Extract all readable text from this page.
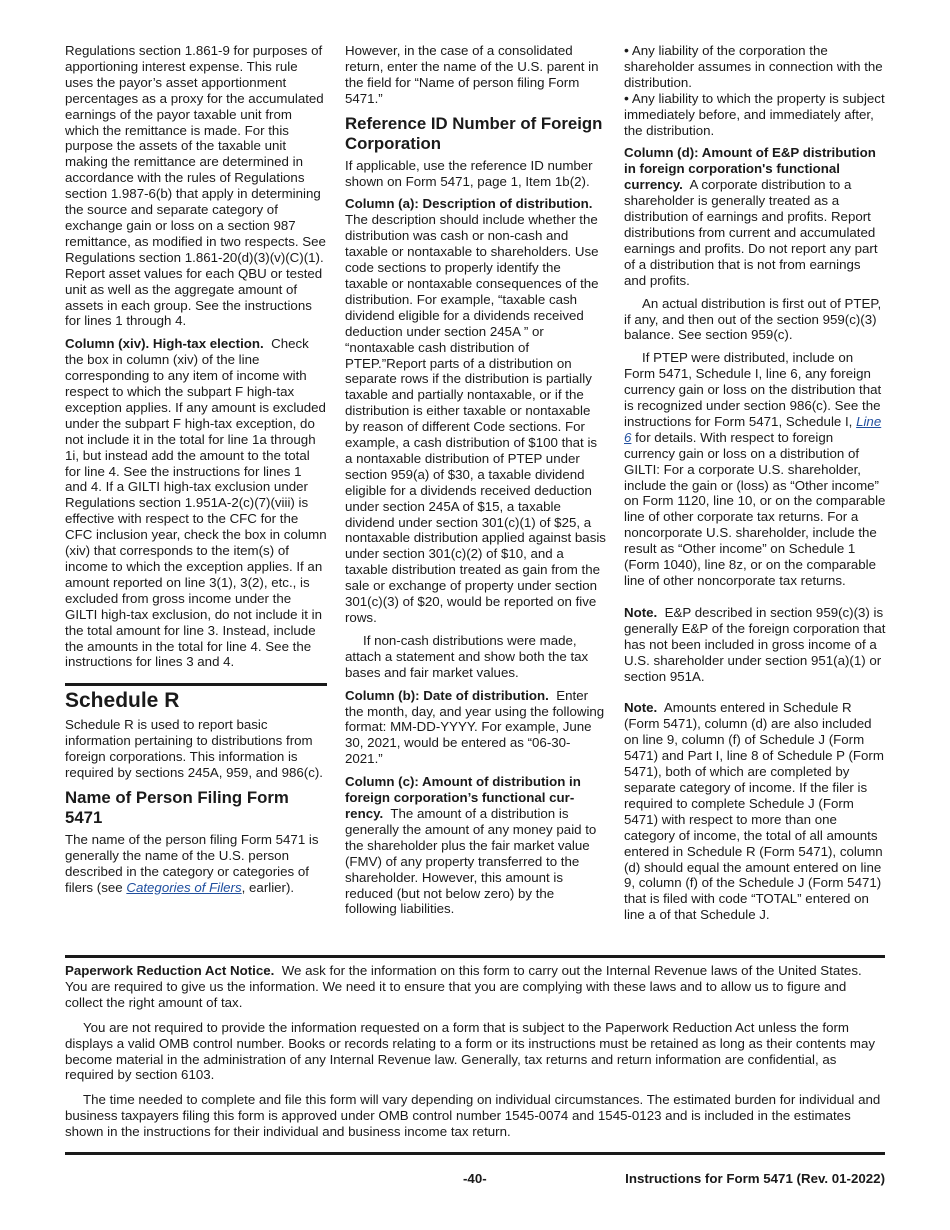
Regulations section 1.861-9 for purposes of apportioning interest expense. This rule uses the payor’s asset apportionment percentages as a proxy for the accumulated earnings of the payor taxable unit from which the remittance is made. For this purpose the assets of the taxable unit making the remittance are determined in accordance with the rules of Regulations section 1.987-6(b) that apply in determining the source and separate category of exchange gain or loss on a section 987 remittance, as modified in two respects. See Regulations section 1.861-20(d)(3)(v)(C)(1). Report asset values for each QBU or tested unit as well as the aggregate amount of assets in each group. See the instructions for lines 1 through 4.

Column (xiv). High-tax election. Check the box in column (xiv) of the line corresponding to any item of income with respect to which the subpart F high-tax exception applies. If any amount is excluded under the subpart F high-tax exception, do not include it in the total for line 1a through 1i, but instead add the amount to the total for line 4. See the instructions for lines 1 and 4. If a GILTI high-tax exclusion under Regulations section 1.951A-2(c)(7)(viii) is effective with respect to the CFC for the CFC inclusion year, check the box in column (xiv) that corresponds to the item(s) of income to which the exception applies. If an amount reported on line 3(1), 3(2), etc., is excluded from gross income under the GILTI high-tax exclusion, do not include it in the total amount for line 3. Instead, include the amounts in the total for line 4. See the instructions for lines 3 and 4.

Schedule R

Schedule R is used to report basic information pertaining to distributions from foreign corporations. This information is required by sections 245A, 959, and 986(c).

Name of Person Filing Form 5471

The name of the person filing Form 5471 is generally the name of the U.S. person described in the category or categories of filers (see Categories of Filers, earlier).

However, in the case of a consolidated return, enter the name of the U.S. parent in the field for “Name of person filing Form 5471.”

Reference ID Number of Foreign Corporation

If applicable, use the reference ID number shown on Form 5471, page 1, Item 1b(2).

Column (a): Description of distribution.  The description should include whether the distribution was cash or non-cash and taxable or nontaxable to shareholders. Use code sections to properly identify the taxable or nontaxable consequences of the distribution. For example, “taxable cash dividend eligible for a dividends received deduction under section 245A ” or “nontaxable cash distribution of PTEP.”Report parts of a distribution on separate rows if the distribution is partially taxable and partially nontaxable, or if the distribution is either taxable or nontaxable by reason of different Code sections. For example, a cash distribution of $100 that is a nontaxable distribution of PTEP under section 959(a) of $30, a taxable dividend eligible for a dividends received deduction under section 245A of $15, a taxable dividend under section 301(c)(1) of $25, a nontaxable distribution applied against basis under section 301(c)(2) of $10, and a taxable distribution treated as gain from the sale or exchange of property under section 301(c)(3) of $20, would be reported on five rows.

If non-cash distributions were made, attach a statement and show both the tax bases and fair market values.

Column (b): Date of distribution. Enter the month, day, and year using the following format: MM-DD-YYYY. For example, June 30, 2021, would be entered as “06-30-2021.”

Column (c): Amount of distribution in foreign corporation’s functional currency. The amount of a distribution is generally the amount of any money paid to the shareholder plus the fair market value (FMV) of any property transferred to the shareholder. However, this amount is reduced (but not below zero) by the following liabilities.

• Any liability of the corporation the shareholder assumes in connection with the distribution.
• Any liability to which the property is subject immediately before, and immediately after, the distribution.

Column (d): Amount of E&P distribution in foreign corporation's functional currency. A corporate distribution to a shareholder is generally treated as a distribution of earnings and profits. Report distributions from current and accumulated earnings and profits. Do not report any part of a distribution that is not from earnings and profits.

An actual distribution is first out of PTEP, if any, and then out of the section 959(c)(3) balance. See section 959(c).

If PTEP were distributed, include on Form 5471, Schedule I, line 6, any foreign currency gain or loss on the distribution that is recognized under section 986(c). See the instructions for Form 5471, Schedule I, Line 6 for details. With respect to foreign currency gain or loss on a distribution of GILTI: For a corporate U.S. shareholder, include the gain or (loss) as “Other income” on Form 1120, line 10, or on the comparable line of other corporate tax returns. For a noncorporate U.S. shareholder, include the result as “Other income” on Schedule 1 (Form 1040), line 8z, or on the comparable line of other noncorporate tax returns.

Note. E&P described in section 959(c)(3) is generally E&P of the foreign corporation that has not been included in gross income of a U.S. shareholder under section 951(a)(1) or section 951A.

Note. Amounts entered in Schedule R (Form 5471), column (d) are also included on line 9, column (f) of Schedule J (Form 5471) and Part I, line 8 of Schedule P (Form 5471), both of which are completed by separate category of income. If the filer is required to complete Schedule J (Form 5471) with respect to more than one category of income, the total of all amounts entered in Schedule R (Form 5471), column (d) should equal the amount entered on line 9, column (f) of the Schedule J (Form 5471) that is filed with code “TOTAL” entered on line a of that Schedule J.

Paperwork Reduction Act Notice. We ask for the information on this form to carry out the Internal Revenue laws of the United States. You are required to give us the information. We need it to ensure that you are complying with these laws and to allow us to figure and collect the right amount of tax.

You are not required to provide the information requested on a form that is subject to the Paperwork Reduction Act unless the form displays a valid OMB control number. Books or records relating to a form or its instructions must be retained as long as their contents may become material in the administration of any Internal Revenue law. Generally, tax returns and return information are confidential, as required by section 6103.

The time needed to complete and file this form will vary depending on individual circumstances. The estimated burden for individual and business taxpayers filing this form is approved under OMB control number 1545-0074 and 1545-0123 and is included in the estimates shown in the instructions for their individual and business income tax return.

-40-	Instructions for Form 5471 (Rev. 01-2022)
